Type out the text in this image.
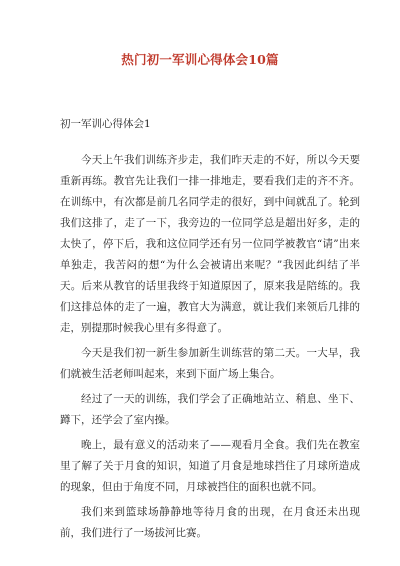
热门初一军训心得体会10篇
初一军训心得体会1

今天上午我们训练齐步走，我们昨天走的不好，所以今天要重新再练。教官先让我们一排一排地走，要看我们走的齐不齐。在训练中，有次都是前几名同学走的很好，到中间就乱了。轮到我们这排了，走了一下，我旁边的一位同学总是超出好多，走的太快了，停下后，我和这位同学还有另一位同学被教官“请”出来单独走，我苦闷的想“为什么会被请出来呢？”我因此纠结了半天。后来从教官的话里我终于知道原因了，原来我是陪练的。我们这排总体的走了一遍，教官大为满意，就让我们来领后几排的走，别提那时候我心里有多得意了。

今天是我们初一新生参加新生训练营的第二天。一大早，我们就被生活老师叫起来，来到下面广场上集合。

经过了一天的训练，我们学会了正确地站立、稍息、坐下、蹲下，还学会了室内操。

晚上，最有意义的活动来了——观看月全食。我们先在教室里了解了关于月食的知识，知道了月食是地球挡住了月球所造成的现象，但由于角度不同，月球被挡住的面积也就不同。

我们来到篮球场静静地等待月食的出现，在月食还未出现前，我们进行了一场拔河比赛。
